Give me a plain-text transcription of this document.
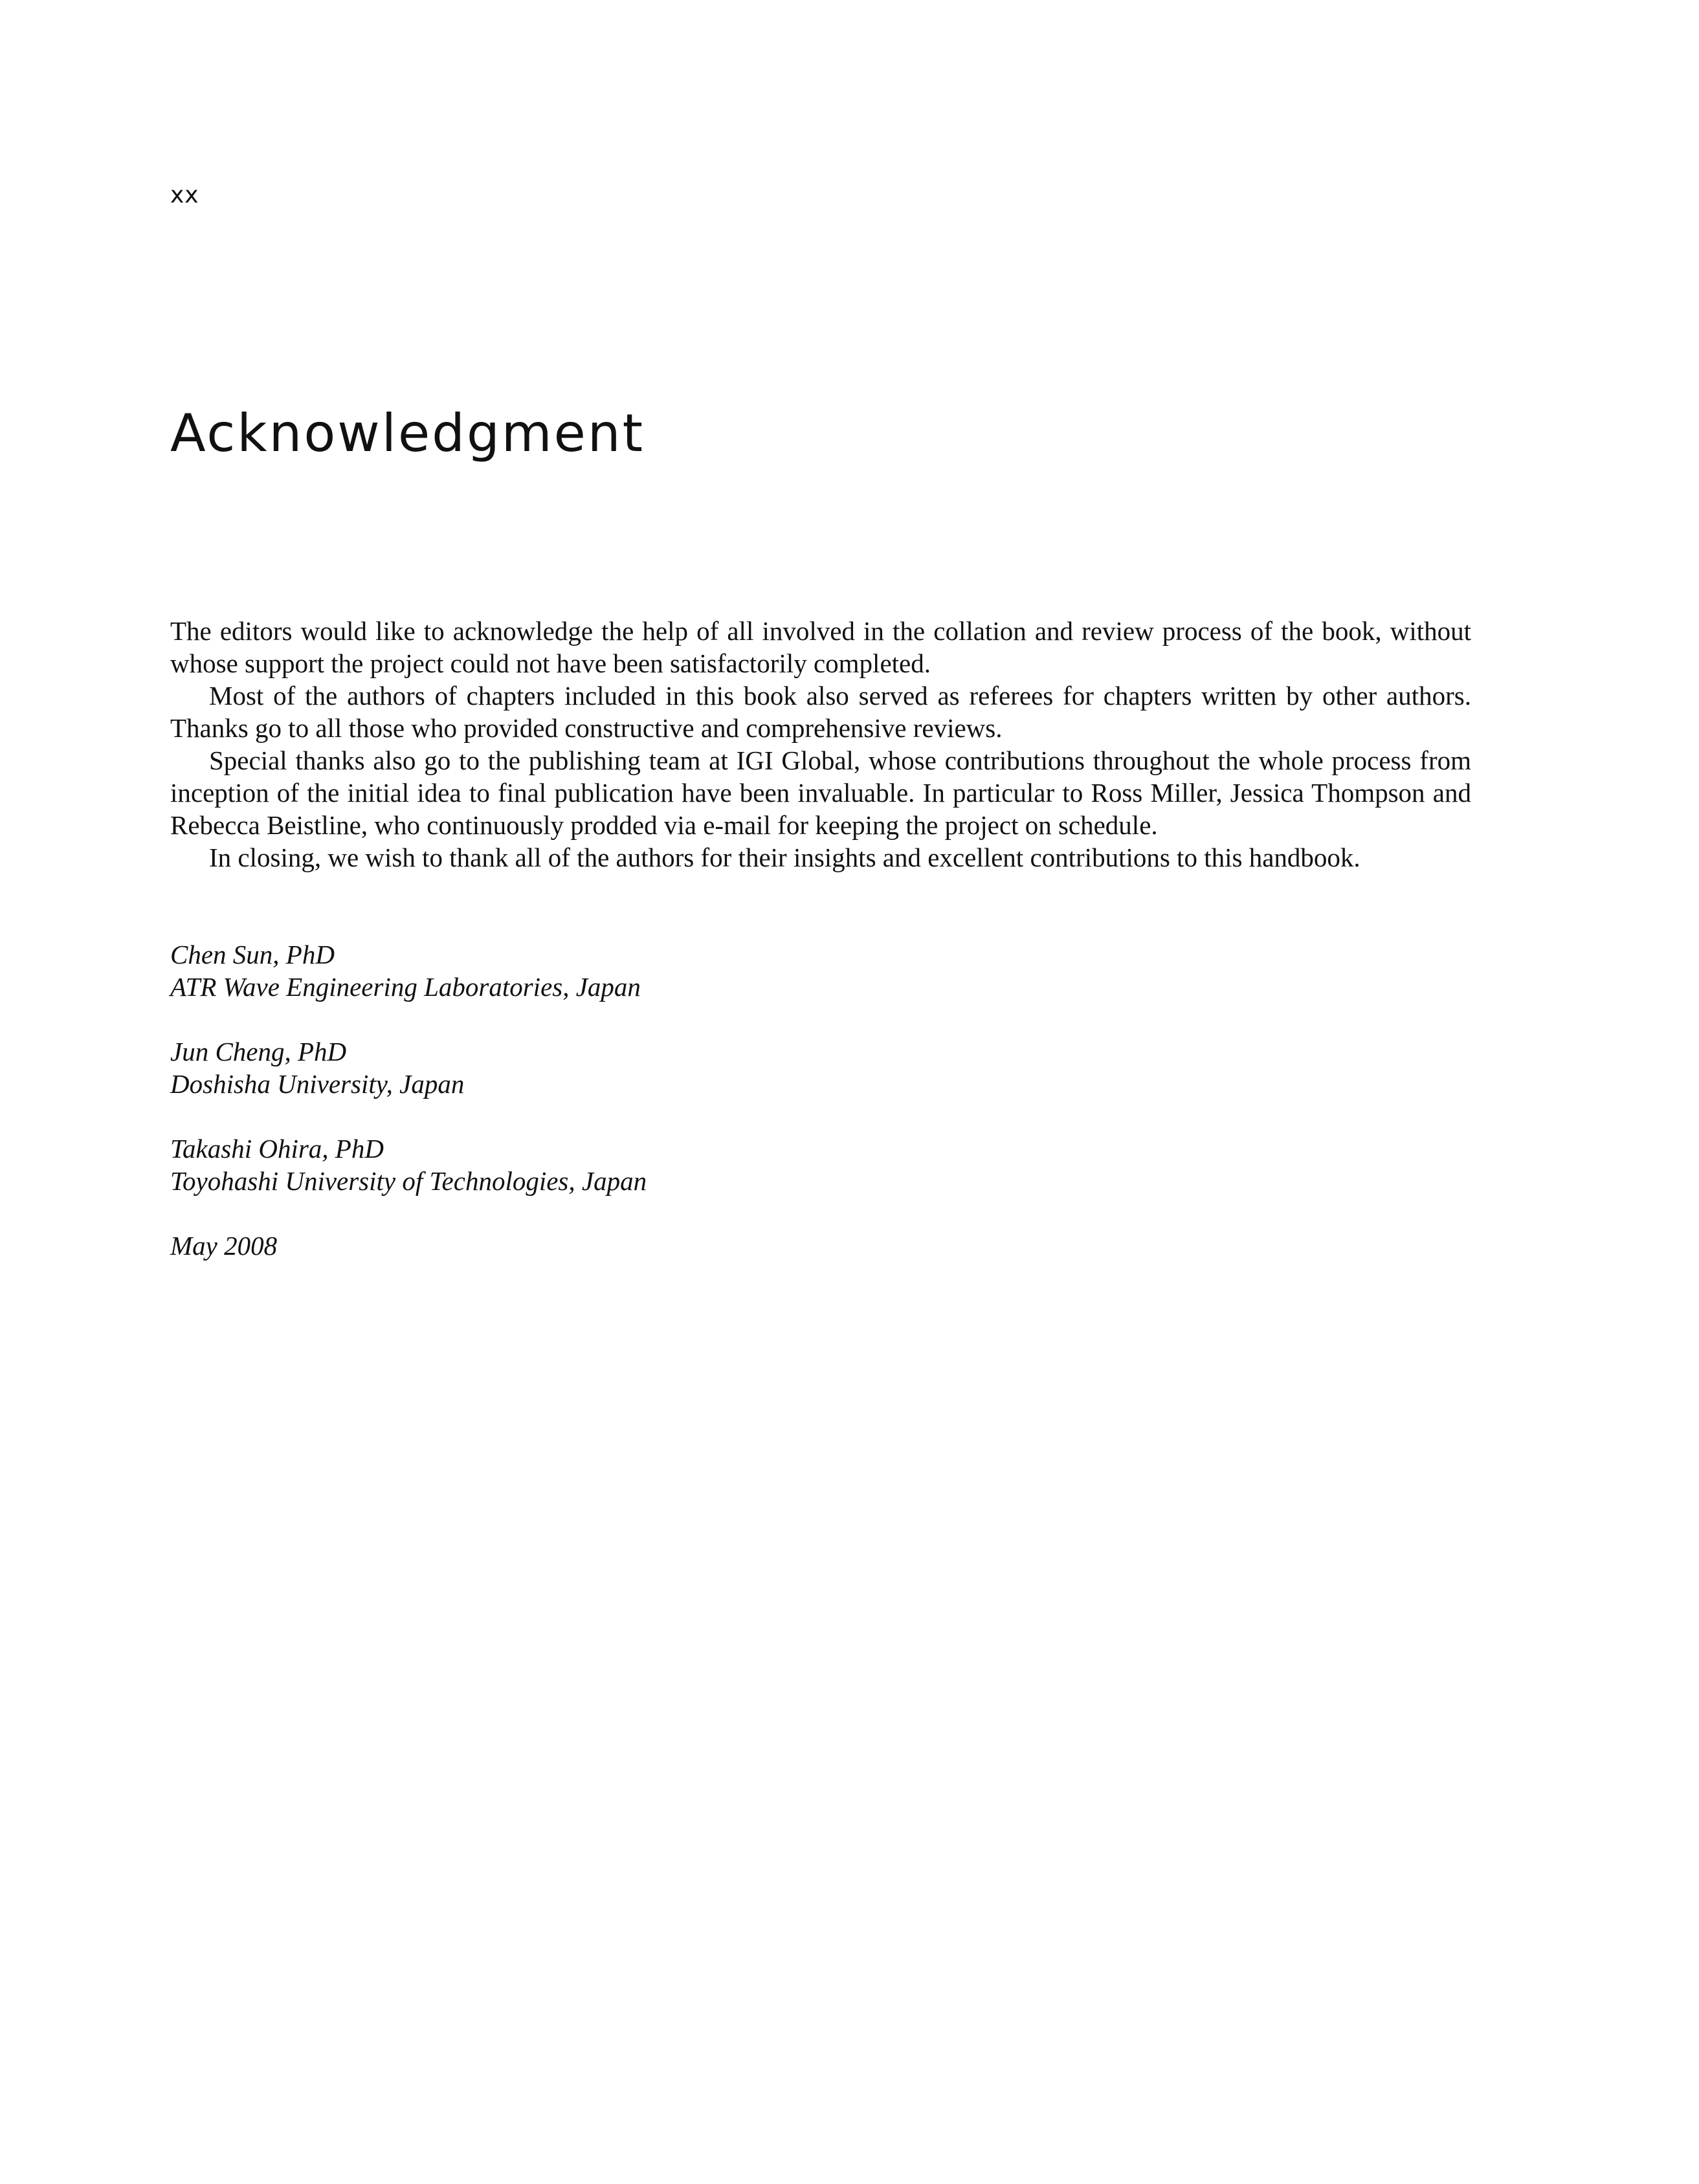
xx
Acknowledgment

The editors would like to acknowledge the help of all involved in the collation and review process of the book, without whose support the project could not have been satisfactorily completed.

Most of the authors of chapters included in this book also served as referees for chapters written by other authors. Thanks go to all those who provided constructive and comprehensive reviews.

Special thanks also go to the publishing team at IGI Global, whose contributions throughout the whole process from inception of the initial idea to final publication have been invaluable. In particular to Ross Miller, Jessica Thompson and Rebecca Beistline, who continuously prodded via e-mail for keeping the project on schedule.

In closing, we wish to thank all of the authors for their insights and excellent contributions to this handbook.

Chen Sun, PhD
ATR Wave Engineering Laboratories, Japan
Jun Cheng, PhD
Doshisha University, Japan
Takashi Ohira, PhD
Toyohashi University of Technologies, Japan
May 2008
